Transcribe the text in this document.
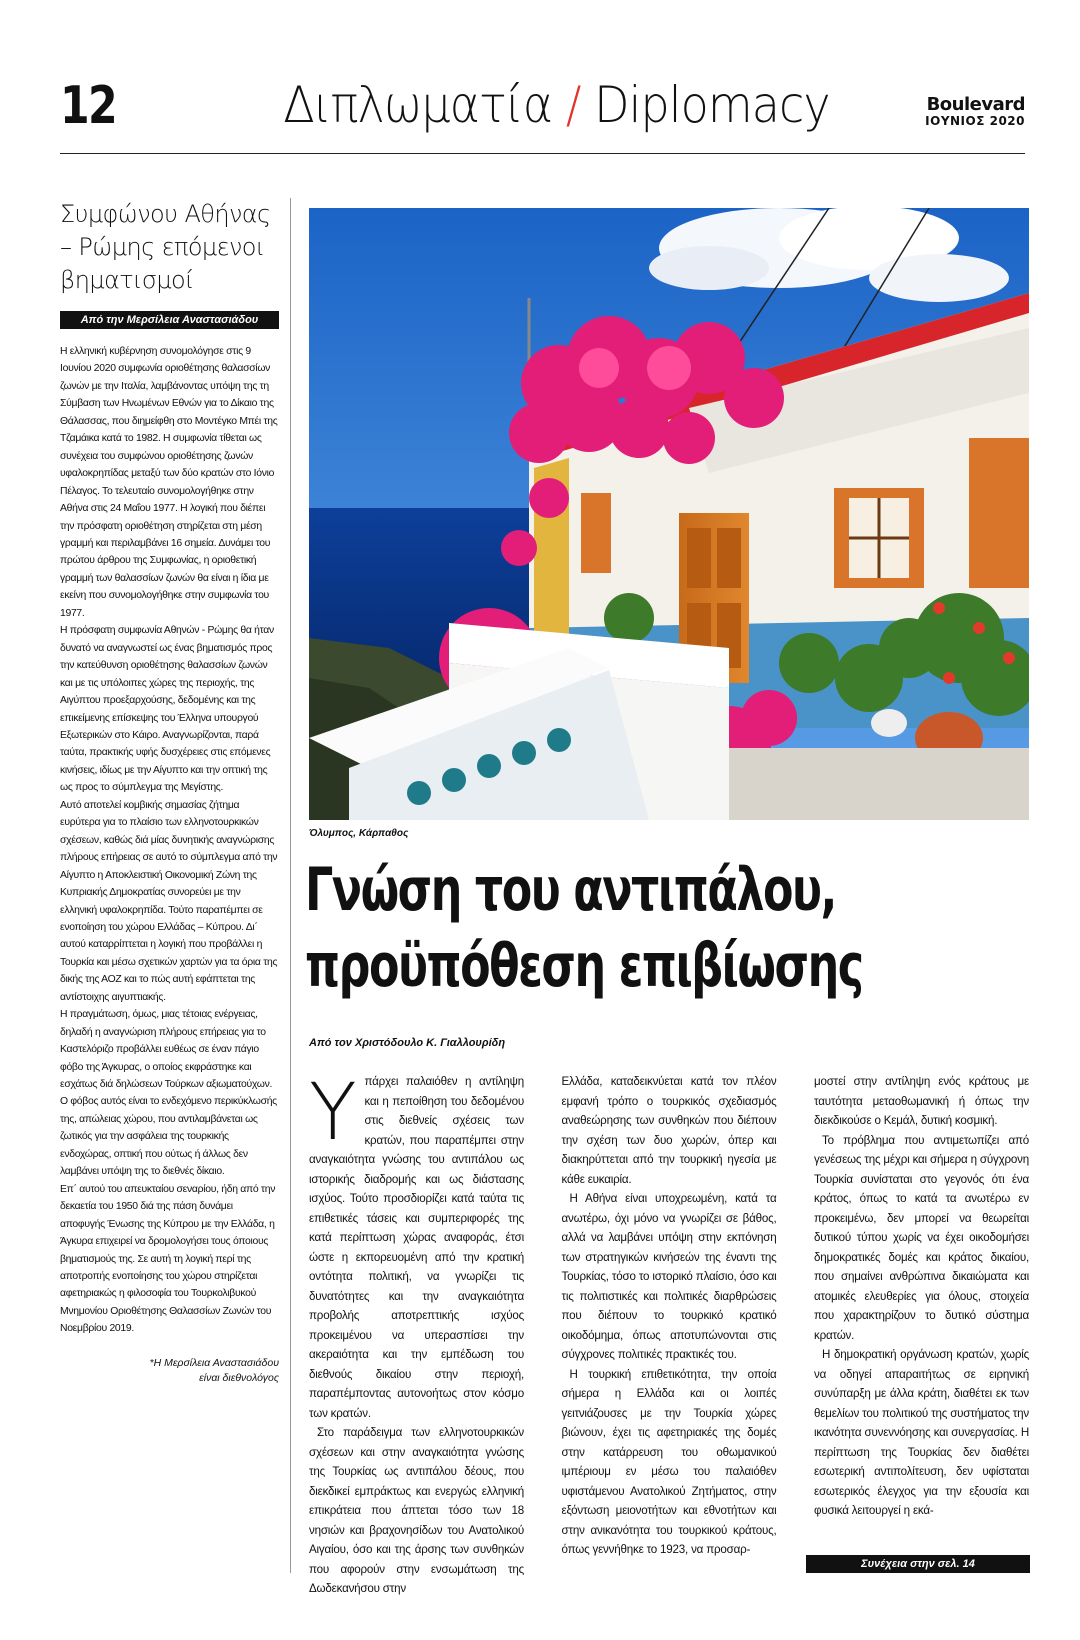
12	Διπλωματία / Diplomacy	Boulevard
ΙΟΥΝΙΟΣ 2020
Συμφώνου Αθήνας – Ρώμης επόμενοι βηματισμοί
Από την Μερσίλεια Αναστασιάδου

Η ελληνική κυβέρνηση συνομολόγησε στις 9 Ιουνίου 2020 συμφωνία οριοθέτησης θαλασσίων ζωνών με την Ιταλία, λαμβάνοντας υπόψη της τη Σύμβαση των Ηνωμένων Εθνών για το Δίκαιο της Θάλασσας, που διημείφθη στο Μοντέγκο Μπέι της Τζαμάικα κατά το 1982. Η συμφωνία τίθεται ως συνέχεια του συμφώνου οριοθέτησης ζωνών υφαλοκρηπίδας μεταξύ των δύο κρατών στο Ιόνιο Πέλαγος. Το τελευταίο συνομολογήθηκε στην Αθήνα στις 24 Μαΐου 1977. Η λογική που διέπει την πρόσφατη οριοθέτηση στηρίζεται στη μέση γραμμή και περιλαμβάνει 16 σημεία. Δυνάμει του πρώτου άρθρου της Συμφωνίας, η οριοθετική γραμμή των θαλασσίων ζωνών θα είναι η ίδια με εκείνη που συνομολογήθηκε στην συμφωνία του 1977.

Η πρόσφατη συμφωνία Αθηνών - Ρώμης θα ήταν δυνατό να αναγνωστεί ως ένας βηματισμός προς την κατεύθυνση οριοθέτησης θαλασσίων ζωνών και με τις υπόλοιπες χώρες της περιοχής, της Αιγύπτου προεξαρχούσης, δεδομένης και της επικείμενης επίσκεψης του Έλληνα υπουργού Εξωτερικών στο Κάιρο. Αναγνωρίζονται, παρά ταύτα, πρακτικής υφής δυσχέρειες στις επόμενες κινήσεις, ιδίως με την Αίγυπτο και την οπτική της ως προς το σύμπλεγμα της Μεγίστης.

Αυτό αποτελεί κομβικής σημασίας ζήτημα ευρύτερα για το πλαίσιο των ελληνοτουρκικών σχέσεων, καθώς διά μίας δυνητικής αναγνώρισης πλήρους επήρειας σε αυτό το σύμπλεγμα από την Αίγυπτο η Αποκλειστική Οικονομική Ζώνη της Κυπριακής Δημοκρατίας συνορεύει με την ελληνική υφαλοκρηπίδα. Τούτο παραπέμπει σε ενοποίηση του χώρου Ελλάδας – Κύπρου. Δι΄ αυτού καταρρίπτεται η λογική που προβάλλει η Τουρκία και μέσω σχετικών χαρτών για τα όρια της δικής της ΑΟΖ και το πώς αυτή εφάπτεται της αντίστοιχης αιγυπτιακής.

Η πραγμάτωση, όμως, μιας τέτοιας ενέργειας, δηλαδή η αναγνώριση πλήρους επήρειας για το Καστελόριζο προβάλλει ευθέως σε έναν πάγιο φόβο της Άγκυρας, ο οποίος εκφράστηκε και εσχάτως διά δηλώσεων Τούρκων αξιωματούχων. Ο φόβος αυτός είναι το ενδεχόμενο περικύκλωσής της, απώλειας χώρου, που αντιλαμβάνεται ως ζωτικός για την ασφάλεια της τουρκικής ενδοχώρας, οπτική που ούτως ή άλλως δεν λαμβάνει υπόψη της το διεθνές δίκαιο.

Επ΄ αυτού του απευκταίου σεναρίου, ήδη από την δεκαετία του 1950 διά της πάση δυνάμει αποφυγής Ένωσης της Κύπρου με την Ελλάδα, η Άγκυρα επιχειρεί να δρομολογήσει τους όποιους βηματισμούς της. Σε αυτή τη λογική περί της αποτροπής ενοποίησης του χώρου στηρίζεται αφετηριακώς η φιλοσοφία του Τουρκολιβυκού Μνημονίου Οριοθέτησης Θαλασσίων Ζωνών του Νοεμβρίου 2019.

*Η Μερσίλεια Αναστασιάδου
είναι διεθνολόγος
Όλυμπος, Κάρπαθος
Γνώση του αντιπάλου,
προϋπόθεση επιβίωσης
Από τον Χριστόδουλο Κ. Γιαλλουρίδη

Υπάρχει παλαιόθεν η αντίληψη και η πεποίθηση του δεδομένου στις διεθνείς σχέσεις των κρατών, που παραπέμπει στην αναγκαιότητα γνώσης του αντιπάλου ως ιστορικής διαδρομής και ως διάστασης ισχύος. Τούτο προσδιορίζει κατά ταύτα τις επιθετικές τάσεις και συμπεριφορές της κατά περίπτωση χώρας αναφοράς, έτσι ώστε η εκπορευομένη από την κρατική οντότητα πολιτική, να γνωρίζει τις δυνατότητες και την αναγκαιότητα προβολής αποτρεπτικής ισχύος προκειμένου να υπερασπίσει την ακεραιότητα και την εμπέδωση του διεθνούς δικαίου στην περιοχή, παραπέμποντας αυτονοήτως στον κόσμο των κρατών.

Στο παράδειγμα των ελληνοτουρκικών σχέσεων και στην αναγκαιότητα γνώσης της Τουρκίας ως αντιπάλου δέους, που διεκδικεί εμπράκτως και ενεργώς ελληνική επικράτεια που άπτεται τόσο των 18 νησιών και βραχονησίδων του Ανατολικού Αιγαίου, όσο και της άρσης των συνθηκών που αφορούν στην ενσωμάτωση της Δωδεκανήσου στην

Ελλάδα, καταδεικνύεται κατά τον πλέον εμφανή τρόπο ο τουρκικός σχεδιασμός αναθεώρησης των συνθηκών που διέπουν την σχέση των δυο χωρών, όπερ και διακηρύττεται από την τουρκική ηγεσία με κάθε ευκαιρία.

Η Αθήνα είναι υποχρεωμένη, κατά τα ανωτέρω, όχι μόνο να γνωρίζει σε βάθος, αλλά να λαμβάνει υπόψη στην εκπόνηση των στρατηγικών κινήσεών της έναντι της Τουρκίας, τόσο το ιστορικό πλαίσιο, όσο και τις πολιτιστικές και πολιτικές διαρθρώσεις που διέπουν το τουρκικό κρατικό οικοδόμημα, όπως αποτυπώνονται στις σύγχρονες πολιτικές πρακτικές του.

Η τουρκική επιθετικότητα, την οποία σήμερα η Ελλάδα και οι λοιπές γειτνιάζουσες με την Τουρκία χώρες βιώνουν, έχει τις αφετηριακές της δομές στην κατάρρευση του οθωμανικού ιμπέριουμ εν μέσω του παλαιόθεν υφιστάμενου Ανατολικού Ζητήματος, στην εξόντωση μειονοτήτων και εθνοτήτων και στην ανικανότητα του τουρκικού κράτους, όπως γεννήθηκε το 1923, να προσαρ-

μοστεί στην αντίληψη ενός κράτους με ταυτότητα μεταοθωμανική ή όπως την διεκδικούσε ο Κεμάλ, δυτική κοσμική.

Το πρόβλημα που αντιμετωπίζει από γενέσεως της μέχρι και σήμερα η σύγχρονη Τουρκία συνίσταται στο γεγονός ότι ένα κράτος, όπως το κατά τα ανωτέρω εν προκειμένω, δεν μπορεί να θεωρείται δυτικού τύπου χωρίς να έχει οικοδομήσει δημοκρατικές δομές και κράτος δικαίου, που σημαίνει ανθρώπινα δικαιώματα και ατομικές ελευθερίες για όλους, στοιχεία που χαρακτηρίζουν το δυτικό σύστημα κρατών.

Η δημοκρατική οργάνωση κρατών, χωρίς να οδηγεί απαραιτήτως σε ειρηνική συνύπαρξη με άλλα κράτη, διαθέτει εκ των θεμελίων του πολιτικού της συστήματος την ικανότητα συνεννόησης και συνεργασίας. Η περίπτωση της Τουρκίας δεν διαθέτει εσωτερική αντιπολίτευση, δεν υφίσταται εσωτερικός έλεγχος για την εξουσία και φυσικά λειτουργεί η εκά-

Συνέχεια στην σελ. 14
